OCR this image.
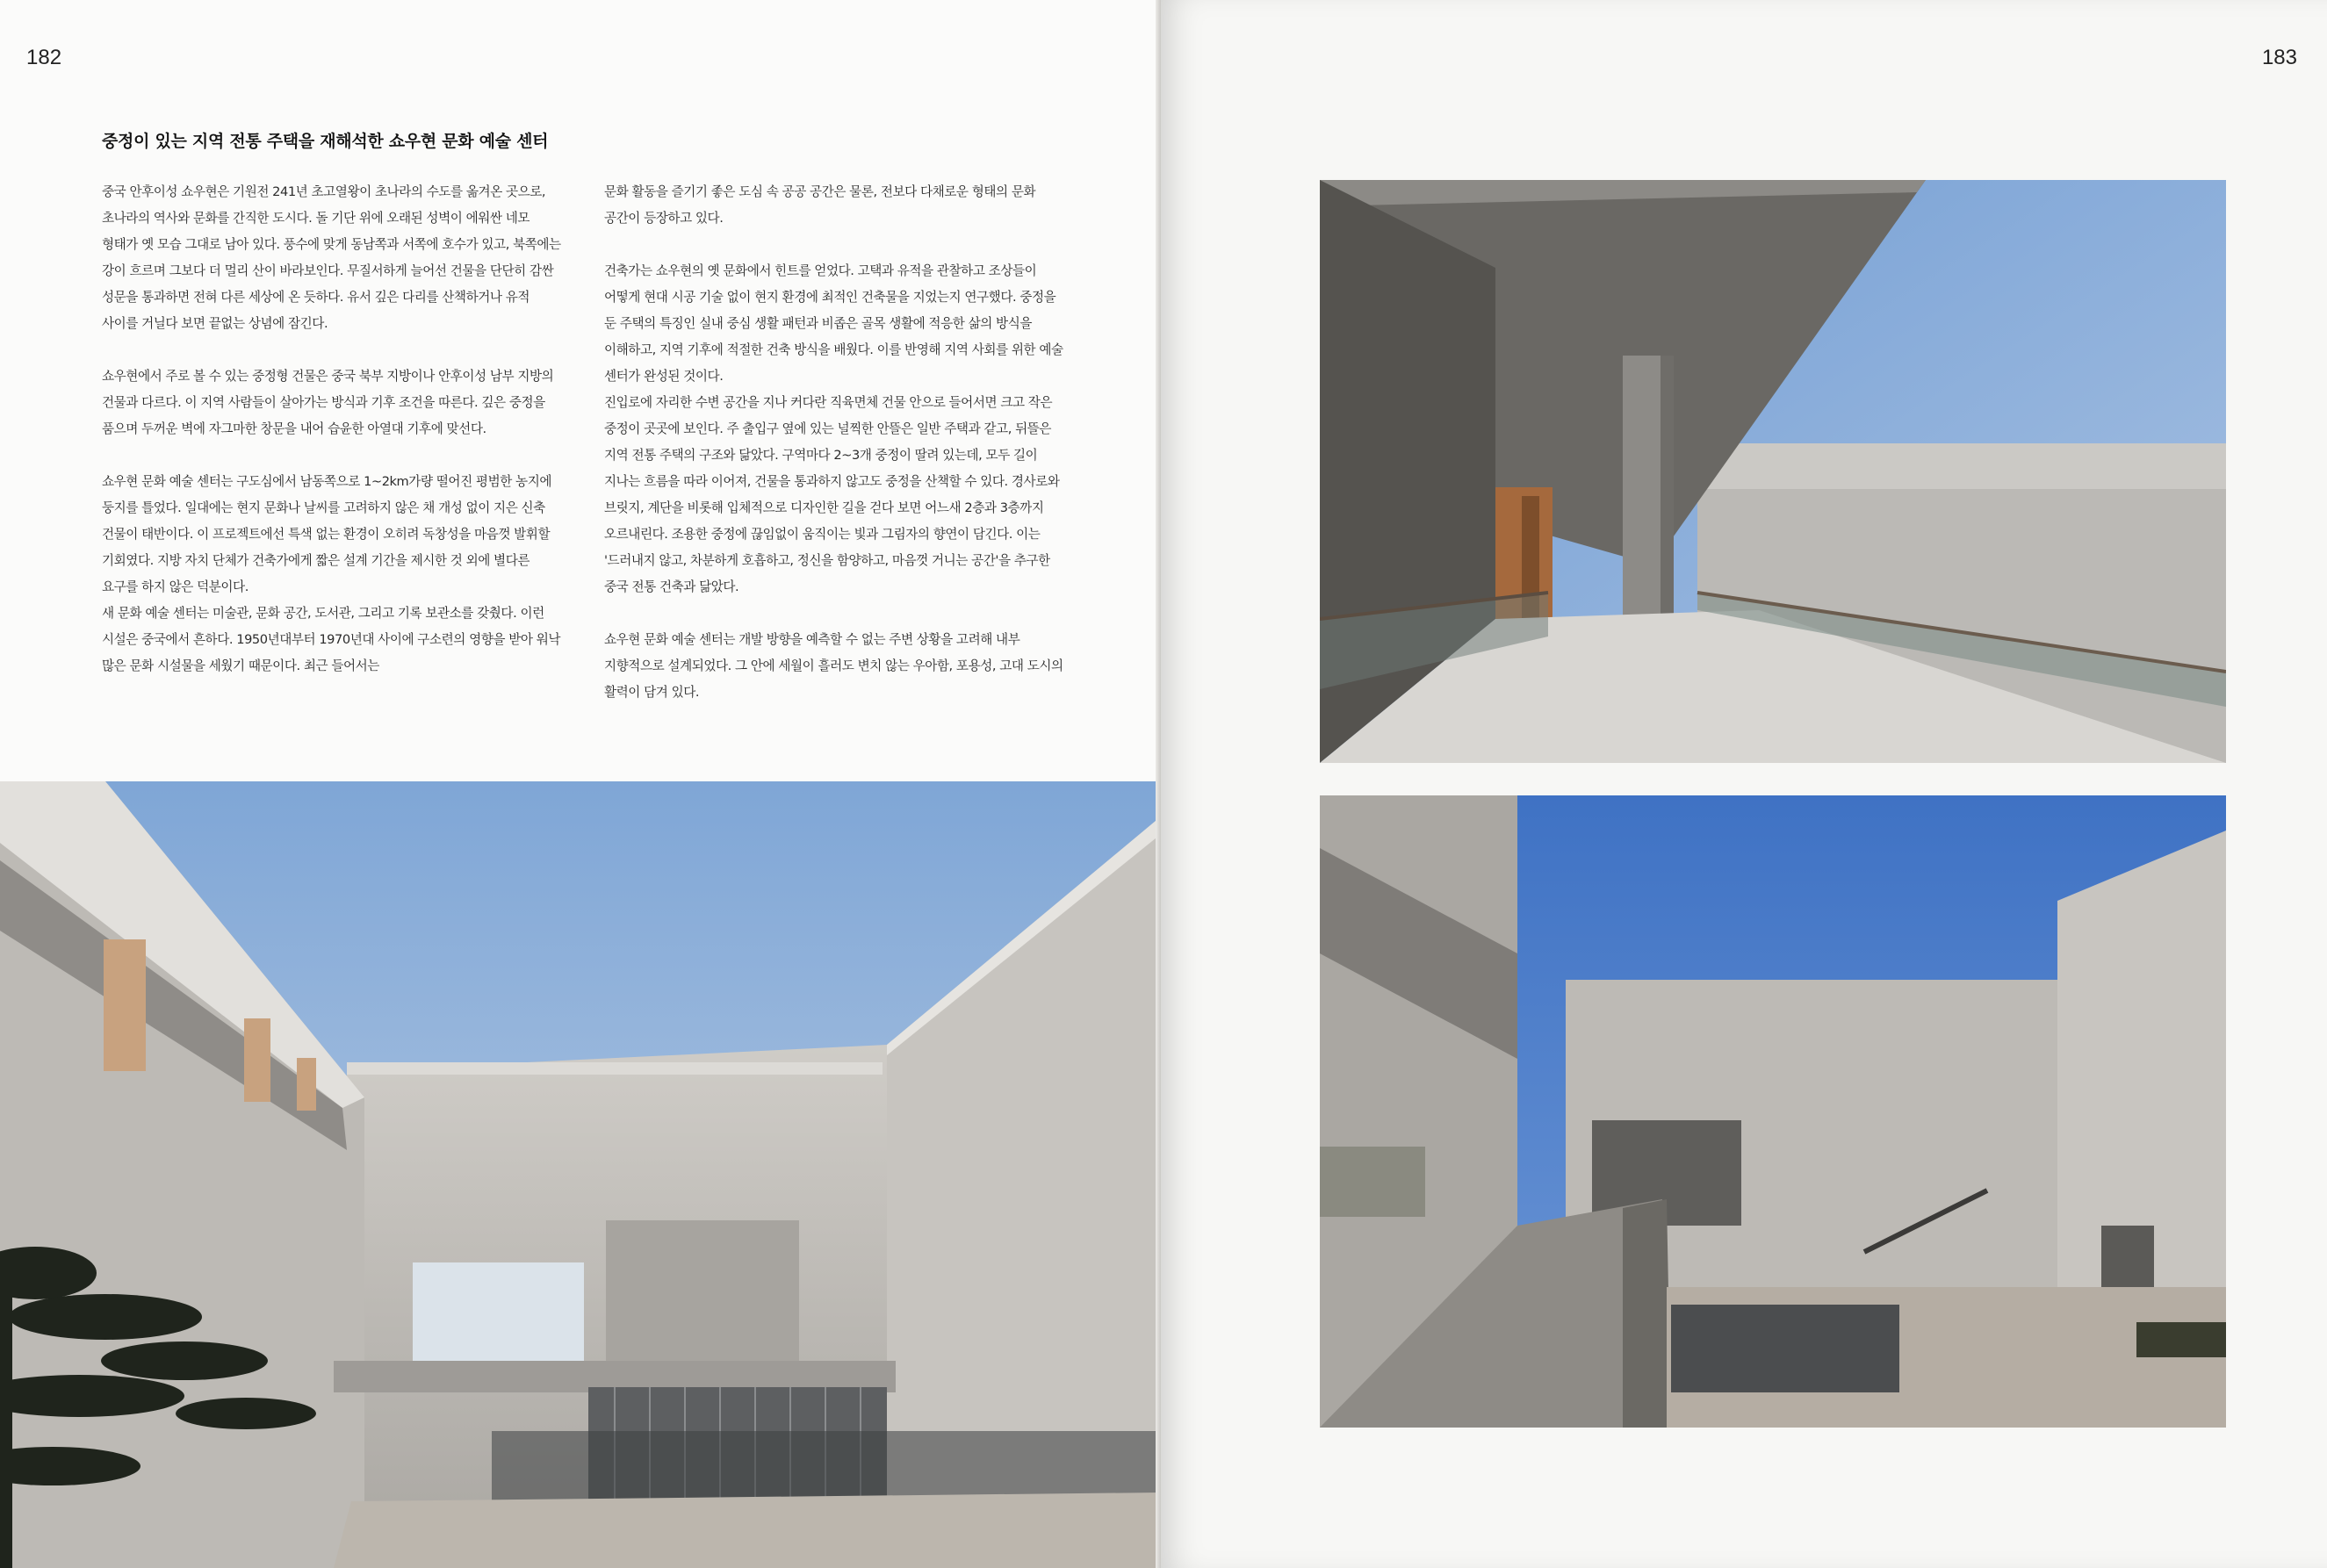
182
중정이 있는 지역 전통 주택을 재해석한 쇼우현 문화 예술 센터

중국 안후이성 쇼우현은 기원전 241년 초고열왕이 초나라의 수도를 옮겨온 곳으로, 초나라의 역사와 문화를 간직한 도시다. 돌 기단 위에 오래된 성벽이 에워싼 네모 형태가 옛 모습 그대로 남아 있다. 풍수에 맞게 동남쪽과 서쪽에 호수가 있고, 북쪽에는 강이 흐르며 그보다 더 멀리 산이 바라보인다. 무질서하게 늘어선 건물을 단단히 감싼 성문을 통과하면 전혀 다른 세상에 온 듯하다. 유서 깊은 다리를 산책하거나 유적 사이를 거닐다 보면 끝없는 상념에 잠긴다.

쇼우현에서 주로 볼 수 있는 중정형 건물은 중국 북부 지방이나 안후이성 남부 지방의 건물과 다르다. 이 지역 사람들이 살아가는 방식과 기후 조건을 따른다. 깊은 중정을 품으며 두꺼운 벽에 자그마한 창문을 내어 습윤한 아열대 기후에 맞선다.

쇼우현 문화 예술 센터는 구도심에서 남동쪽으로 1~2km가량 떨어진 평범한 농지에 둥지를 틀었다. 일대에는 현지 문화나 날씨를 고려하지 않은 채 개성 없이 지은 신축 건물이 태반이다. 이 프로젝트에선 특색 없는 환경이 오히려 독창성을 마음껏 발휘할 기회였다. 지방 자치 단체가 건축가에게 짧은 설계 기간을 제시한 것 외에 별다른 요구를 하지 않은 덕분이다.

새 문화 예술 센터는 미술관, 문화 공간, 도서관, 그리고 기록 보관소를 갖췄다. 이런 시설은 중국에서 흔하다. 1950년대부터 1970년대 사이에 구소련의 영향을 받아 워낙 많은 문화 시설물을 세웠기 때문이다. 최근 들어서는

문화 활동을 즐기기 좋은 도심 속 공공 공간은 물론, 전보다 다채로운 형태의 문화 공간이 등장하고 있다.

건축가는 쇼우현의 옛 문화에서 힌트를 얻었다. 고택과 유적을 관찰하고 조상들이 어떻게 현대 시공 기술 없이 현지 환경에 최적인 건축물을 지었는지 연구했다. 중정을 둔 주택의 특징인 실내 중심 생활 패턴과 비좁은 골목 생활에 적응한 삶의 방식을 이해하고, 지역 기후에 적절한 건축 방식을 배웠다. 이를 반영해 지역 사회를 위한 예술 센터가 완성된 것이다.

진입로에 자리한 수변 공간을 지나 커다란 직육면체 건물 안으로 들어서면 크고 작은 중정이 곳곳에 보인다. 주 출입구 옆에 있는 널찍한 안뜰은 일반 주택과 같고, 뒤뜰은 지역 전통 주택의 구조와 닮았다. 구역마다 2~3개 중정이 딸려 있는데, 모두 길이 지나는 흐름을 따라 이어져, 건물을 통과하지 않고도 중정을 산책할 수 있다. 경사로와 브릿지, 계단을 비롯해 입체적으로 디자인한 길을 걷다 보면 어느새 2층과 3층까지 오르내린다. 조용한 중정에 끊임없이 움직이는 빛과 그림자의 향연이 담긴다. 이는 '드러내지 않고, 차분하게 호흡하고, 정신을 함양하고, 마음껏 거니는 공간'을 추구한 중국 전통 건축과 닮았다.

쇼우현 문화 예술 센터는 개발 방향을 예측할 수 없는 주변 상황을 고려해 내부 지향적으로 설계되었다. 그 안에 세월이 흘러도 변치 않는 우아함, 포용성, 고대 도시의 활력이 담겨 있다.

183
